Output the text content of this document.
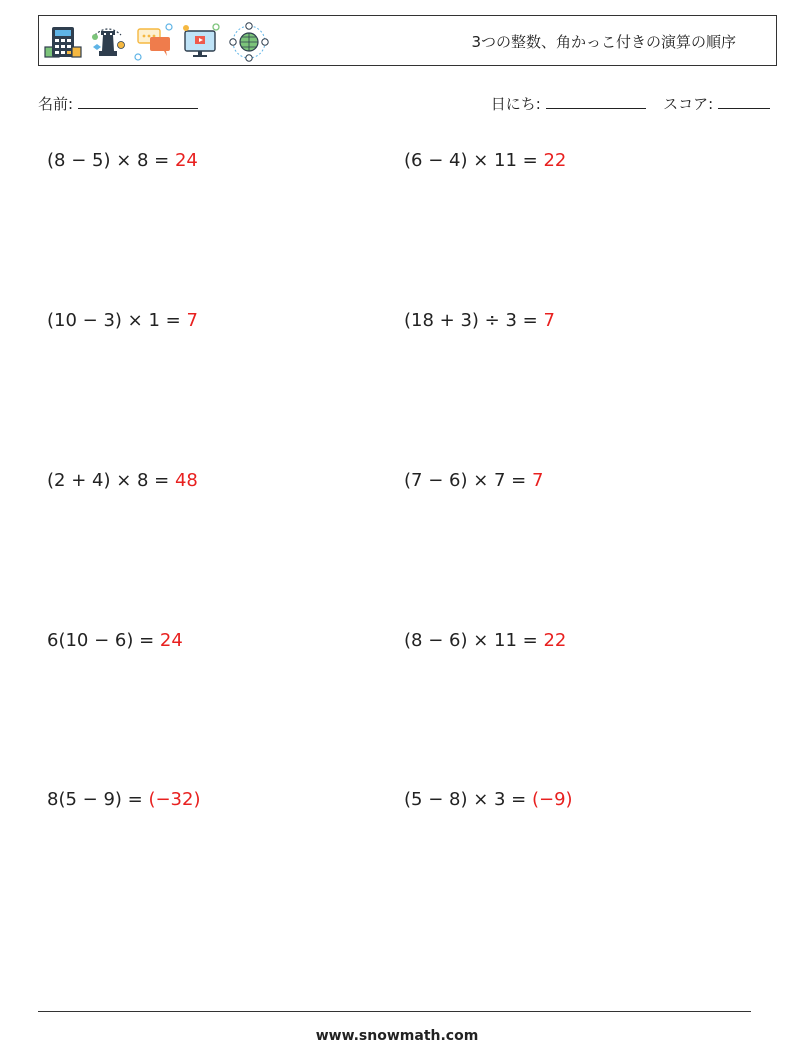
3つの整数、角かっこ付きの演算の順序
名前:	日にち:	スコア:
(8 − 5) × 8 = 24	(6 − 4) × 11 = 22
(10 − 3) × 1 = 7	(18 + 3) ÷ 3 = 7
(2 + 4) × 8 = 48	(7 − 6) × 7 = 7
6(10 − 6) = 24	(8 − 6) × 11 = 22
8(5 − 9) = (−32)	(5 − 8) × 3 = (−9)
www.snowmath.com
